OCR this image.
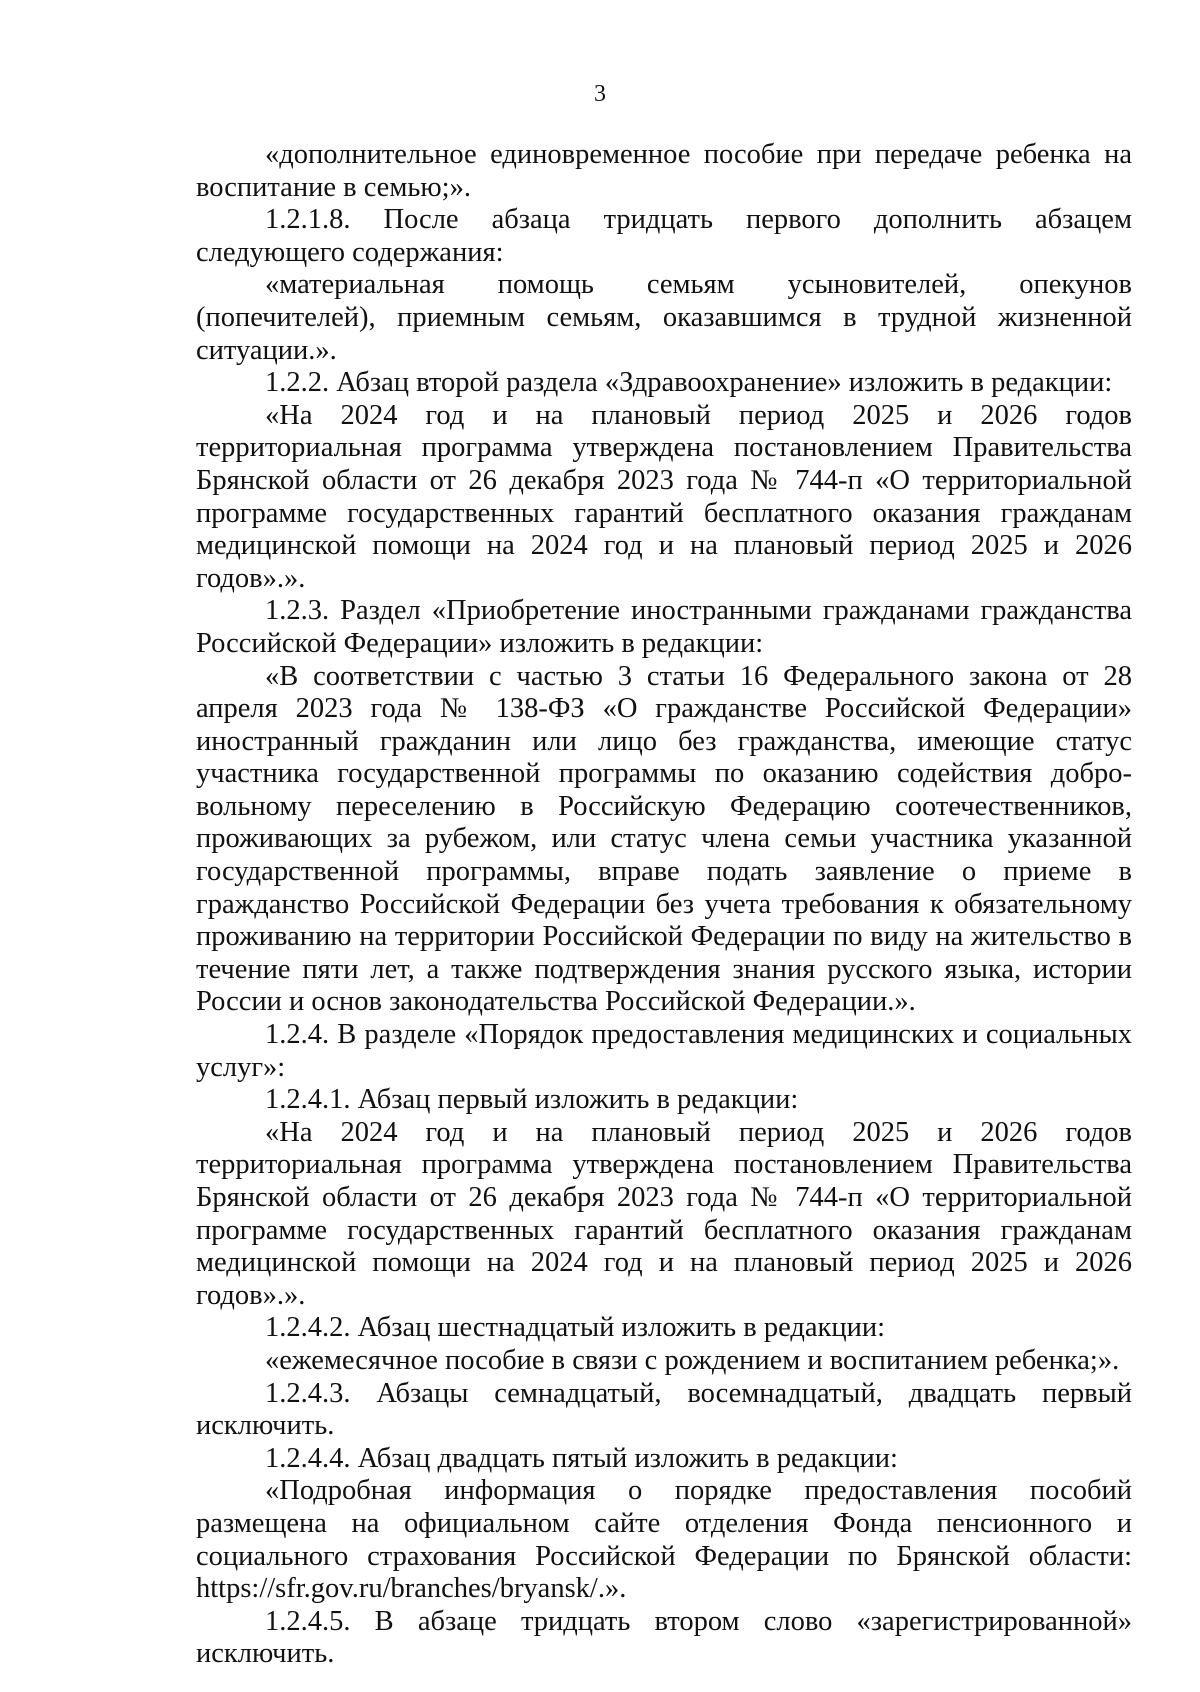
3

«дополнительное единовременное пособие при передаче ребенка на воспитание в семью;».

1.2.1.8. После абзаца тридцать первого дополнить абзацем следующего содержания:

«материальная помощь семьям усыновителей, опекунов (попечителей), приемным семьям, оказавшимся в трудной жизненной ситуации.».

1.2.2. Абзац второй раздела «Здравоохранение» изложить в редакции:

«На 2024 год и на плановый период 2025 и 2026 годов территориальная программа утверждена постановлением Правительства Брянской области от 26 декабря 2023 года № 744-п «О территориальной программе государственных гарантий бесплатного оказания гражданам медицинской помощи на 2024 год и на плановый период 2025 и 2026 годов».».

1.2.3. Раздел «Приобретение иностранными гражданами гражданства Российской Федерации» изложить в редакции:

«В соответствии с частью 3 статьи 16 Федерального закона от 28 апреля 2023 года № 138-ФЗ «О гражданстве Российской Федерации» иностранный гражданин или лицо без гражданства, имеющие статус участника государственной программы по оказанию содействия добровольному переселению в Российскую Федерацию соотечественников, проживающих за рубежом, или статус члена семьи участника указанной государственной программы, вправе подать заявление о приеме в гражданство Российской Федерации без учета требования к обязательному проживанию на территории Российской Федерации по виду на жительство в течение пяти лет, а также подтверждения знания русского языка, истории России и основ законодательства Российской Федерации.».

1.2.4. В разделе «Порядок предоставления медицинских и социальных услуг»:

1.2.4.1. Абзац первый изложить в редакции:

«На 2024 год и на плановый период 2025 и 2026 годов территориальная программа утверждена постановлением Правительства Брянской области от 26 декабря 2023 года № 744-п «О территориальной программе государственных гарантий бесплатного оказания гражданам медицинской помощи на 2024 год и на плановый период 2025 и 2026 годов».».

1.2.4.2. Абзац шестнадцатый изложить в редакции:

«ежемесячное пособие в связи с рождением и воспитанием ребенка;».

1.2.4.3. Абзацы семнадцатый, восемнадцатый, двадцать первый исключить.

1.2.4.4. Абзац двадцать пятый изложить в редакции:

«Подробная информация о порядке предоставления пособий размещена на официальном сайте отделения Фонда пенсионного и социального страхования Российской Федерации по Брянской области: https://sfr.gov.ru/branches/bryansk/.».

1.2.4.5. В абзаце тридцать втором слово «зарегистрированной» исключить.
